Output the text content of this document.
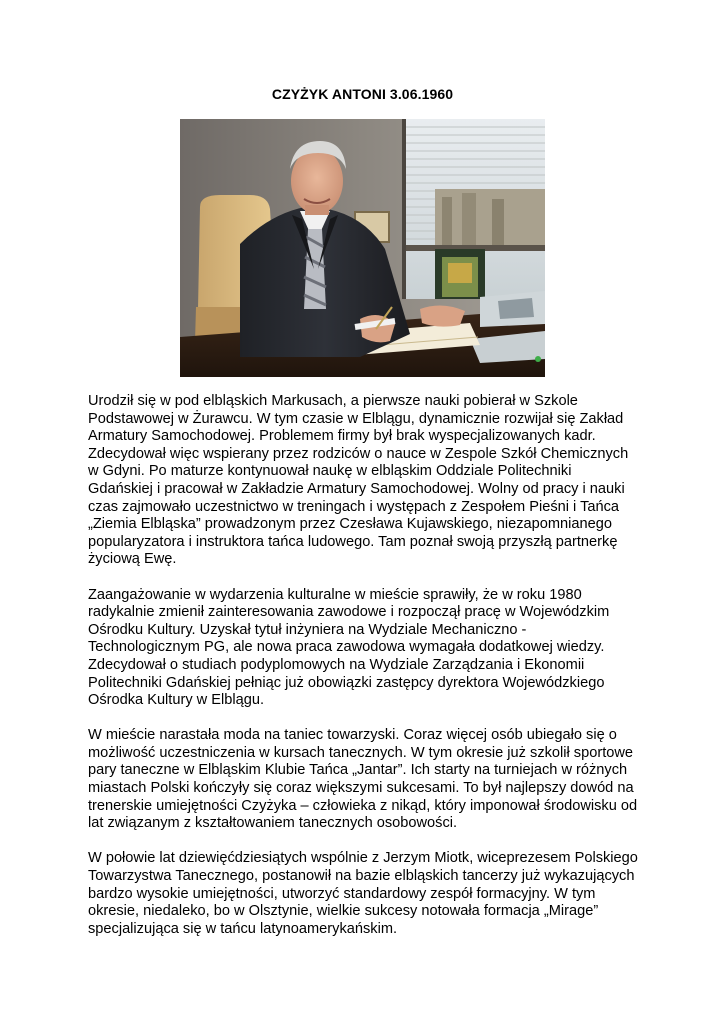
CZYŻYK ANTONI 3.06.1960

Urodził się w pod elbląskich Markusach, a pierwsze nauki pobierał w Szkole
Podstawowej w Żurawcu. W tym czasie w Elblągu, dynamicznie rozwijał się Zakład
Armatury Samochodowej. Problemem firmy był brak wyspecjalizowanych kadr.
Zdecydował więc wspierany przez rodziców o nauce w Zespole Szkół Chemicznych
w Gdyni. Po maturze kontynuował naukę w elbląskim Oddziale Politechniki
Gdańskiej i pracował w Zakładzie Armatury Samochodowej. Wolny od pracy i nauki
czas zajmowało uczestnictwo w treningach i występach z Zespołem Pieśni i Tańca
„Ziemia Elbląska” prowadzonym przez Czesława Kujawskiego, niezapomnianego
popularyzatora i instruktora tańca ludowego. Tam poznał swoją przyszłą partnerkę
życiową Ewę.

Zaangażowanie w wydarzenia kulturalne w mieście sprawiły, że w roku 1980
radykalnie zmienił zainteresowania zawodowe i rozpoczął pracę w Wojewódzkim
Ośrodku Kultury. Uzyskał tytuł inżyniera na Wydziale Mechaniczno -
Technologicznym PG, ale nowa praca zawodowa wymagała dodatkowej wiedzy.
Zdecydował o studiach podyplomowych na Wydziale Zarządzania i Ekonomii
Politechniki Gdańskiej pełniąc już obowiązki zastępcy dyrektora Wojewódzkiego
Ośrodka Kultury w Elblągu.

W mieście narastała moda na taniec towarzyski. Coraz więcej osób ubiegało się o
możliwość uczestniczenia w kursach tanecznych. W tym okresie już szkolił sportowe
pary taneczne w Elbląskim Klubie Tańca „Jantar”. Ich starty na turniejach w różnych
miastach Polski kończyły się coraz większymi sukcesami. To był najlepszy dowód na
trenerskie umiejętności Czyżyka – człowieka z nikąd, który imponował środowisku od
lat związanym z kształtowaniem tanecznych osobowości.

W połowie lat dziewięćdziesiątych wspólnie z Jerzym Miotk, wiceprezesem Polskiego
Towarzystwa Tanecznego, postanowił na bazie elbląskich tancerzy już wykazujących
bardzo wysokie umiejętności, utworzyć standardowy zespół formacyjny. W tym
okresie, niedaleko, bo w Olsztynie, wielkie sukcesy notowała formacja „Mirage”
specjalizująca się w tańcu latynoamerykańskim.
